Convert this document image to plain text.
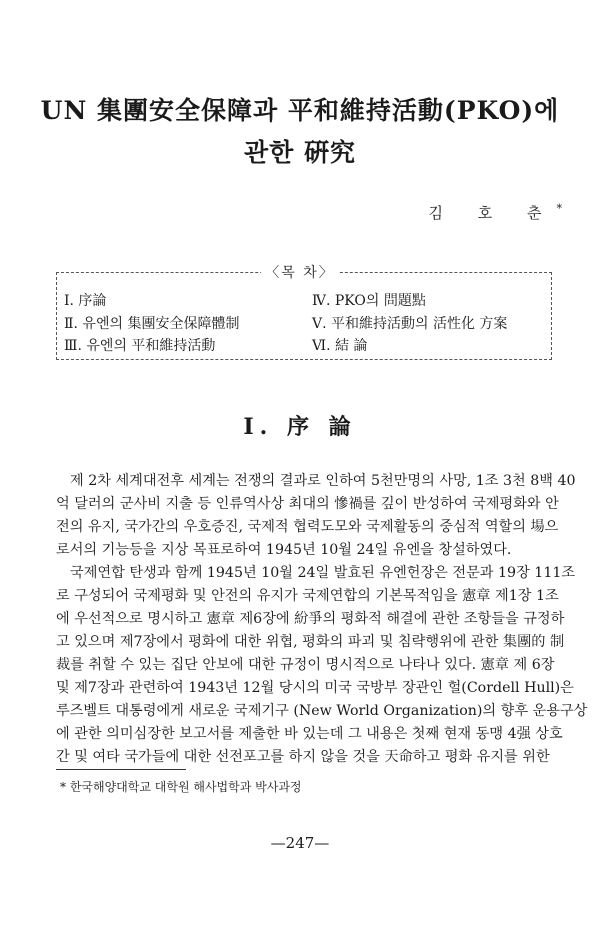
UN 集團安全保障과 平和維持活動(PKO)에
관한 硏究
김 호 춘*
〈목 차〉
Ⅰ. 序論
Ⅱ. 유엔의 集團安全保障體制
Ⅲ. 유엔의 平和維持活動
Ⅳ. PKO의 問題點
Ⅴ. 平和維持活動의 活性化 方案
Ⅵ. 結 論
Ⅰ. 序 論
제 2차 세계대전후 세계는 전쟁의 결과로 인하여 5천만명의 사망, 1조 3천 8백 40
억 달러의 군사비 지출 등 인류역사상 최대의 慘禍를 깊이 반성하여 국제평화와 안
전의 유지, 국가간의 우호증진, 국제적 협력도모와 국제활동의 중심적 역할의 場으
로서의 기능등을 지상 목표로하여 1945년 10월 24일 유엔을 창설하였다.
국제연합 탄생과 함께 1945년 10월 24일 발효된 유엔헌장은 전문과 19장 111조
로 구성되어 국제평화 및 안전의 유지가 국제연합의 기본목적임을 憲章 제1장 1조
에 우선적으로 명시하고 憲章 제6장에 紛爭의 평화적 해결에 관한 조항들을 규정하
고 있으며 제7장에서 평화에 대한 위협, 평화의 파괴 및 침략행위에 관한 集團的 制
裁를 취할 수 있는 집단 안보에 대한 규정이 명시적으로 나타나 있다. 憲章 제 6장
및 제7장과 관련하여 1943년 12월 당시의 미국 국방부 장관인 헐(Cordell Hull)은
루즈벨트 대통령에게 새로운 국제기구 (New World Organization)의 향후 운용구상
에 관한 의미심장한 보고서를 제출한 바 있는데 그 내용은 첫째 현재 동맹 4强 상호
간 및 여타 국가들에 대한 선전포고를 하지 않을 것을 天命하고 평화 유지를 위한
* 한국해양대학교 대학원 해사법학과 박사과정
—247—
